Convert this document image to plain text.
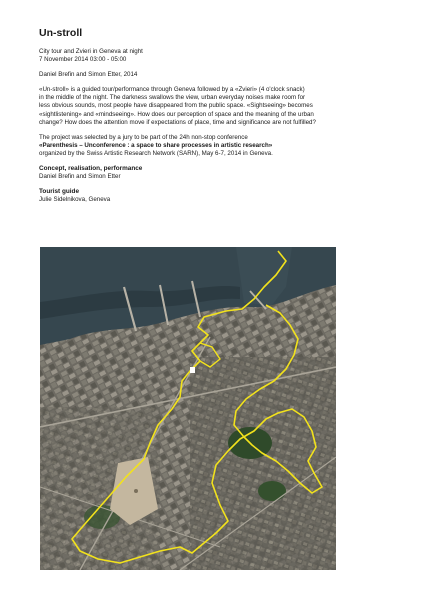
Un-stroll
City tour and Zvieri in Geneva at night
7 November 2014 03:00 - 05:00
Daniel Brefin and Simon Etter, 2014
«Un-stroll» is a guided tour/performance through Geneva followed by a «Zvieri» (4 o'clock snack)
in the middle of the night. The darkness swallows the view, urban everyday noises make room for
less obvious sounds, most people have disappeared from the public space. «Sightseeing» becomes
«sightlistening» and «mindseeing». How does our perception of space and the meaning of the urban
change? How does the attention move if expectations of place, time and significance are not fulfilled?
The project was selected by a jury to be part of the 24h non-stop conference
«Parenthesis – Unconference : a space to share processes in artistic research»
organized by the Swiss Artistic Research Network (SARN), May 6-7, 2014 in Geneva.
Concept, realisation, performance
Daniel Brefin and Simon Etter
Tourist guide
Julie Sidelnikova, Geneva
